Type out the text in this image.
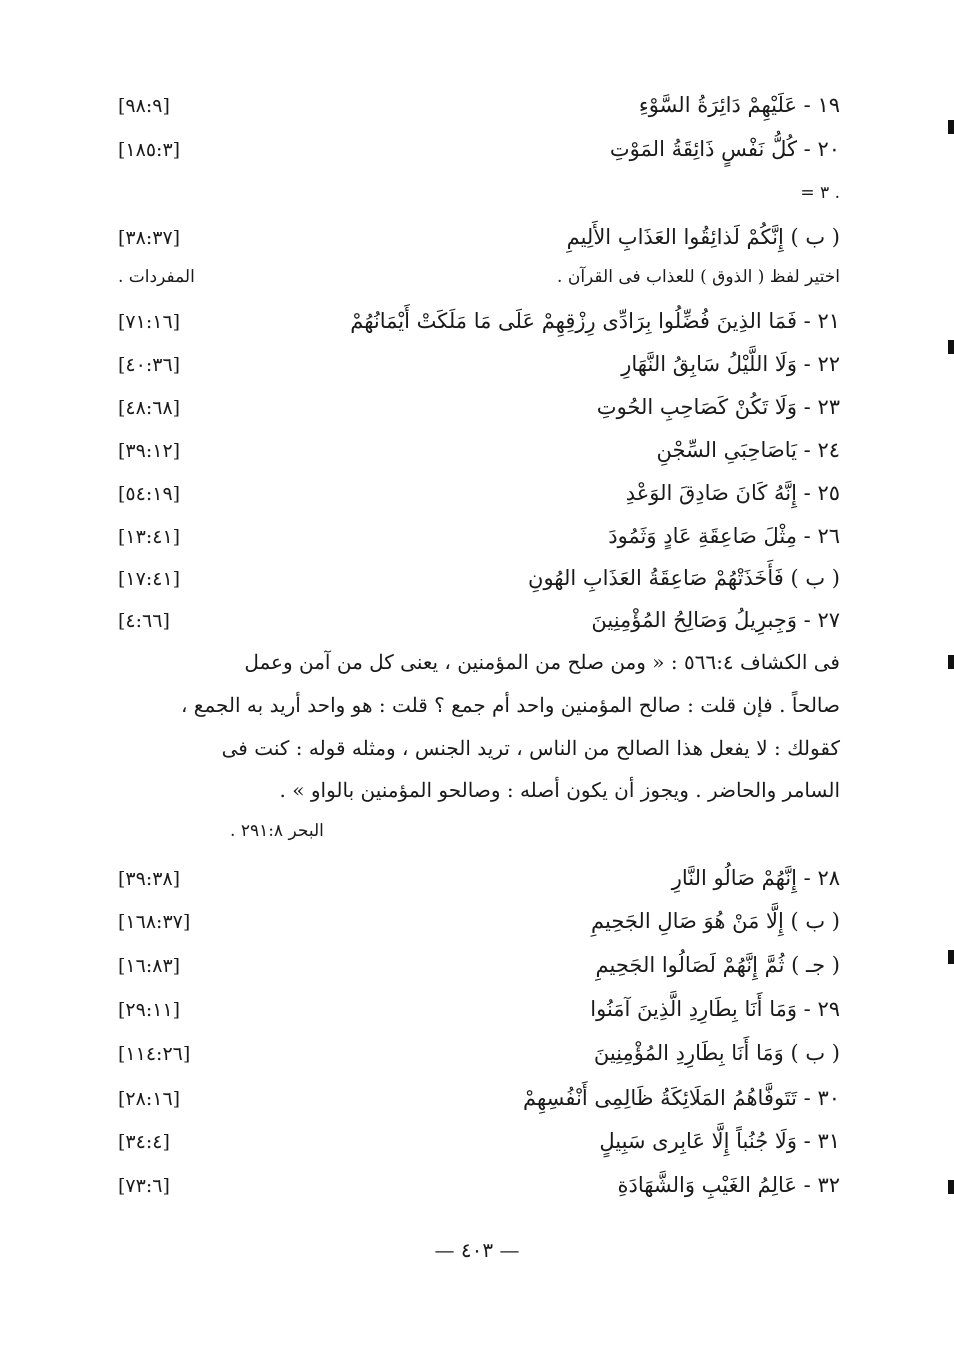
١٩ - عَلَيْهِمْ دَائِرَةُ السَّوْءِ
[٩٨:٩]
٢٠ - كُلُّ نَفْسٍ ذَائِقَةُ المَوْتِ
[١٨٥:٣]
. ٣ =
( ب ) إِنَّكُمْ لَذائِقُوا العَذَابِ الأَلِيمِ
[٣٨:٣٧]
اختير لفظ ( الذوق ) للعذاب فى القرآن .
المفردات .
٢١ - فَمَا الذِينَ فُضِّلُوا بِرَادِّى رِزْقِهِمْ عَلَى مَا مَلَكَتْ أَيْمَانُهُمْ
[٧١:١٦]
٢٢ - وَلَا اللَّيْلُ سَابِقُ النَّهَارِ
[٤٠:٣٦]
٢٣ - وَلَا تَكُنْ كَصَاحِبِ الحُوتِ
[٤٨:٦٨]
٢٤ - يَاصَاحِبَىِ السِّجْنِ
[٣٩:١٢]
٢٥ - إِنَّهُ كَانَ صَادِقَ الوَعْدِ
[٥٤:١٩]
٢٦ - مِثْلَ صَاعِقَةِ عَادٍ وَثَمُودَ
[١٣:٤١]
( ب ) فَأَخَذَتْهُمْ صَاعِقَةُ العَذَابِ الهُونِ
[١٧:٤١]
٢٧ - وَجِبرِيلُ وَصَالِحُ المُؤْمِنِينَ
[٤:٦٦]
فى الكشاف ٥٦٦:٤ : « ومن صلح من المؤمنين ، يعنى كل من آمن وعمل
صالحاً . فإن قلت : صالح المؤمنين واحد أم جمع ؟ قلت : هو واحد أريد به الجمع ،
كقولك : لا يفعل هذا الصالح من الناس ، تريد الجنس ، ومثله قوله : كنت فى
السامر والحاضر . ويجوز أن يكون أصله : وصالحو المؤمنين بالواو » .
البحر ٢٩١:٨ .
٢٨ - إِنَّهُمْ صَالُو النَّارِ
[٣٩:٣٨]
( ب ) إِلَّا مَنْ هُوَ صَالِ الجَحِيمِ
[١٦٨:٣٧]
( جـ ) ثُمَّ إِنَّهُمْ لَصَالُوا الجَحِيمِ
[١٦:٨٣]
٢٩ - وَمَا أَنَا بِطَارِدِ الَّذِينَ آمَنُوا
[٢٩:١١]
( ب ) وَمَا أَنَا بِطَارِدِ المُؤْمِنِينَ
[١١٤:٢٦]
٣٠ - تَتَوفَّاهُمُ المَلَائِكَةُ ظَالِمِى أَنْفُسِهِمْ
[٢٨:١٦]
٣١ - وَلَا جُنُباً إِلَّا عَابِرى سَبِيلٍ
[٣٤:٤]
٣٢ - عَالِمُ الغَيْبِ وَالشَّهَادَةِ
[٧٣:٦]
— ٤٠٣ —
